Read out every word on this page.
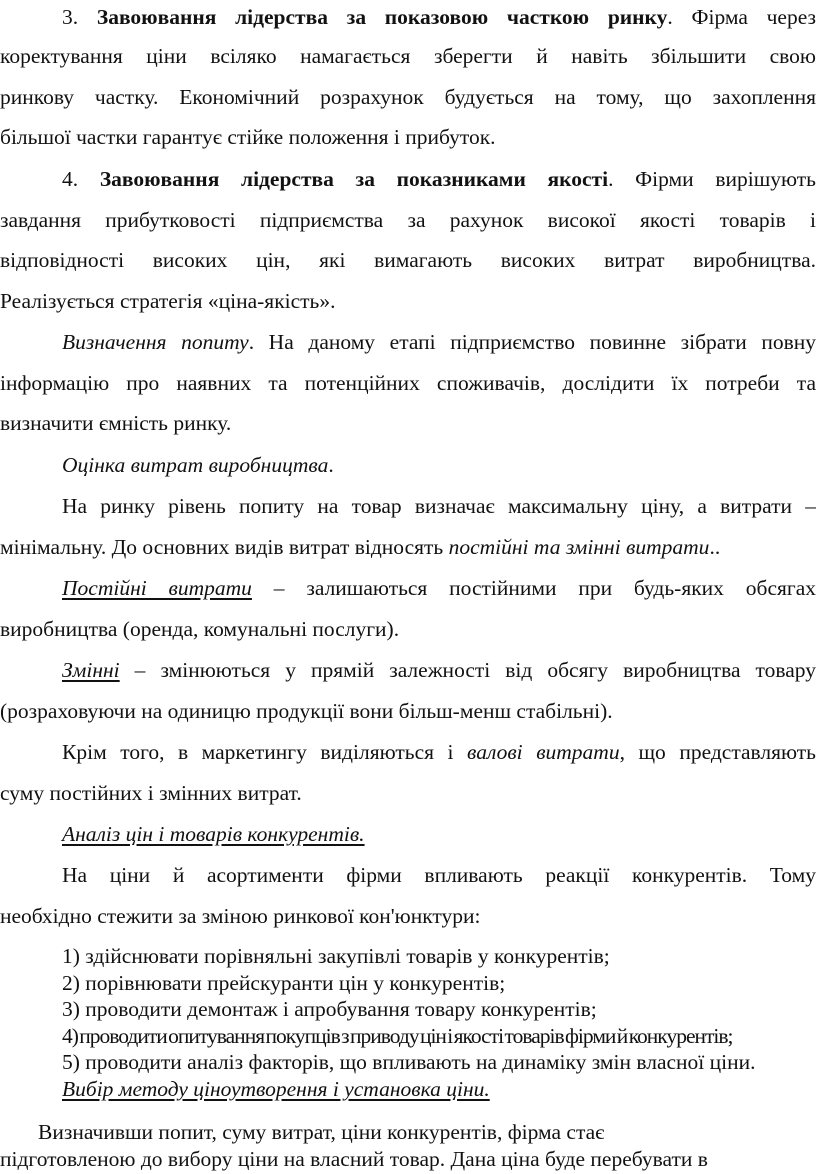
3. Завоювання лідерства за показовою часткою ринку. Фірма через
коректування ціни всіляко намагається зберегти й навіть збільшити свою
ринкову частку. Економічний розрахунок будується на тому, що захоплення
більшої частки гарантує стійке положення і прибуток.
4. Завоювання лідерства за показниками якості. Фірми вирішують
завдання прибутковості підприємства за рахунок високої якості товарів і
відповідності високих цін, які вимагають високих витрат виробництва.
Реалізується стратегія «ціна-якість».
Визначення попиту. На даному етапі підприємство повинне зібрати повну
інформацію про наявних та потенційних споживачів, дослідити їх потреби та
визначити ємність ринку.
Оцінка витрат виробництва.
На ринку рівень попиту на товар визначає максимальну ціну, а витрати –
мінімальну. До основних видів витрат відносять постійні та змінні витрати..
Постійні витрати – залишаються постійними при будь-яких обсягах
виробництва (оренда, комунальні послуги).
Змінні – змінюються у прямій залежності від обсягу виробництва товару
(розраховуючи на одиницю продукції вони більш-менш стабільні).
Крім того, в маркетингу виділяються і валові витрати, що представляють
суму постійних і змінних витрат.
Аналіз цін і товарів конкурентів.
На ціни й асортименти фірми впливають реакції конкурентів. Тому
необхідно стежити за зміною ринкової кон'юнктури:
1) здійснювати порівняльні закупівлі товарів у конкурентів;
2) порівнювати прейскуранти цін у конкурентів;
3) проводити демонтаж і апробування товару конкурентів;
4) проводити опитування покупців з приводу цін і якості товарів фірми й конкурентів;
5) проводити аналіз факторів, що впливають на динаміку змін власної ціни.
Вибір методу ціноутворення і установка ціни.
Визначивши попит, суму витрат, ціни конкурентів, фірма стає
підготовленою до вибору ціни на власний товар. Дана ціна буде перебувати в
